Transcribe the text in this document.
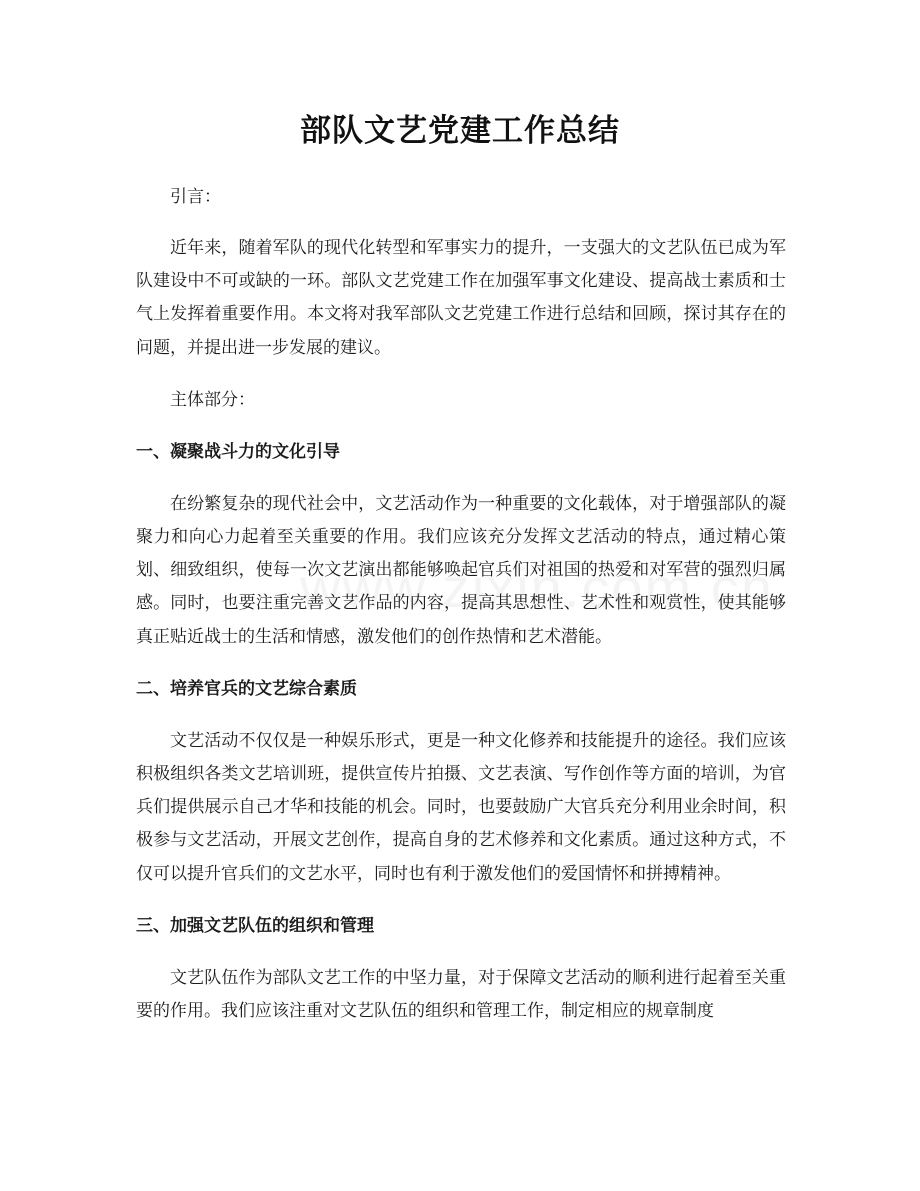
部队文艺党建工作总结

引言：

近年来，随着军队的现代化转型和军事实力的提升，一支强大的文艺队伍已成为军队建设中不可或缺的一环。部队文艺党建工作在加强军事文化建设、提高战士素质和士气上发挥着重要作用。本文将对我军部队文艺党建工作进行总结和回顾，探讨其存在的问题，并提出进一步发展的建议。

主体部分：

一、凝聚战斗力的文化引导

在纷繁复杂的现代社会中，文艺活动作为一种重要的文化载体，对于增强部队的凝聚力和向心力起着至关重要的作用。我们应该充分发挥文艺活动的特点，通过精心策划、细致组织，使每一次文艺演出都能够唤起官兵们对祖国的热爱和对军营的强烈归属感。同时，也要注重完善文艺作品的内容，提高其思想性、艺术性和观赏性，使其能够真正贴近战士的生活和情感，激发他们的创作热情和艺术潜能。

二、培养官兵的文艺综合素质

文艺活动不仅仅是一种娱乐形式，更是一种文化修养和技能提升的途径。我们应该积极组织各类文艺培训班，提供宣传片拍摄、文艺表演、写作创作等方面的培训，为官兵们提供展示自己才华和技能的机会。同时，也要鼓励广大官兵充分利用业余时间，积极参与文艺活动，开展文艺创作，提高自身的艺术修养和文化素质。通过这种方式，不仅可以提升官兵们的文艺水平，同时也有利于激发他们的爱国情怀和拼搏精神。

三、加强文艺队伍的组织和管理

文艺队伍作为部队文艺工作的中坚力量，对于保障文艺活动的顺利进行起着至关重要的作用。我们应该注重对文艺队伍的组织和管理工作，制定相应的规章制度
